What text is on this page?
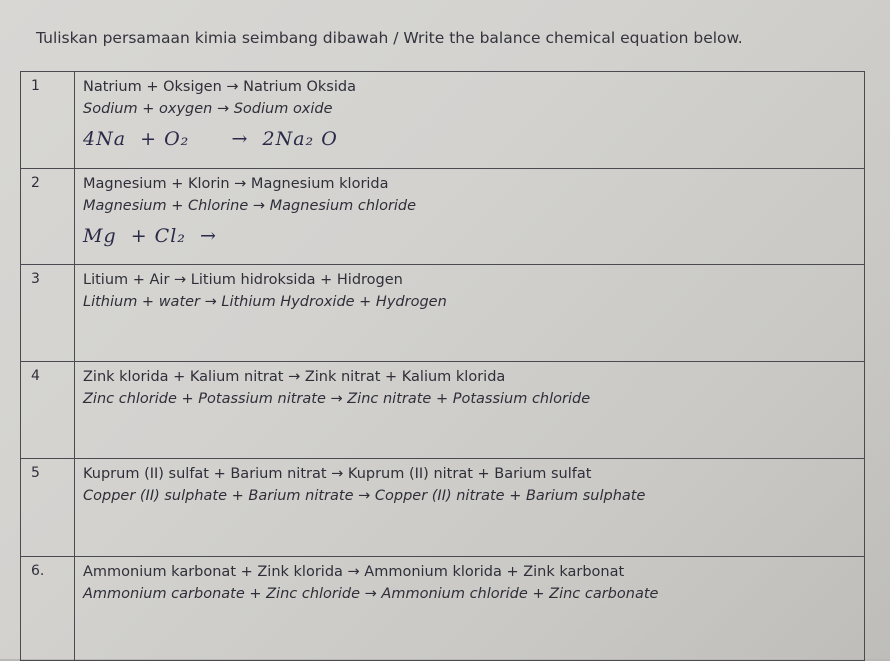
Tuliskan persamaan kimia seimbang dibawah / Write the balance chemical equation below.
1	Natrium + Oksigen → Natrium Oksida
Sodium + oxygen → Sodium oxide
4Na  + O₂      →  2Na₂ O

2	Magnesium + Klorin → Magnesium klorida
Magnesium + Chlorine → Magnesium chloride
Mg  + Cl₂  →

3	Litium + Air → Litium hidroksida + Hidrogen
Lithium + water → Lithium Hydroxide + Hydrogen

4	Zink klorida + Kalium nitrat → Zink nitrat + Kalium klorida
Zinc chloride + Potassium nitrate → Zinc nitrate + Potassium chloride

5	Kuprum (II) sulfat + Barium nitrat → Kuprum (II) nitrat + Barium sulfat
Copper (II) sulphate + Barium nitrate → Copper (II) nitrate + Barium sulphate

6.	Ammonium karbonat + Zink klorida → Ammonium klorida + Zink karbonat
Ammonium carbonate + Zinc chloride → Ammonium chloride + Zinc carbonate
